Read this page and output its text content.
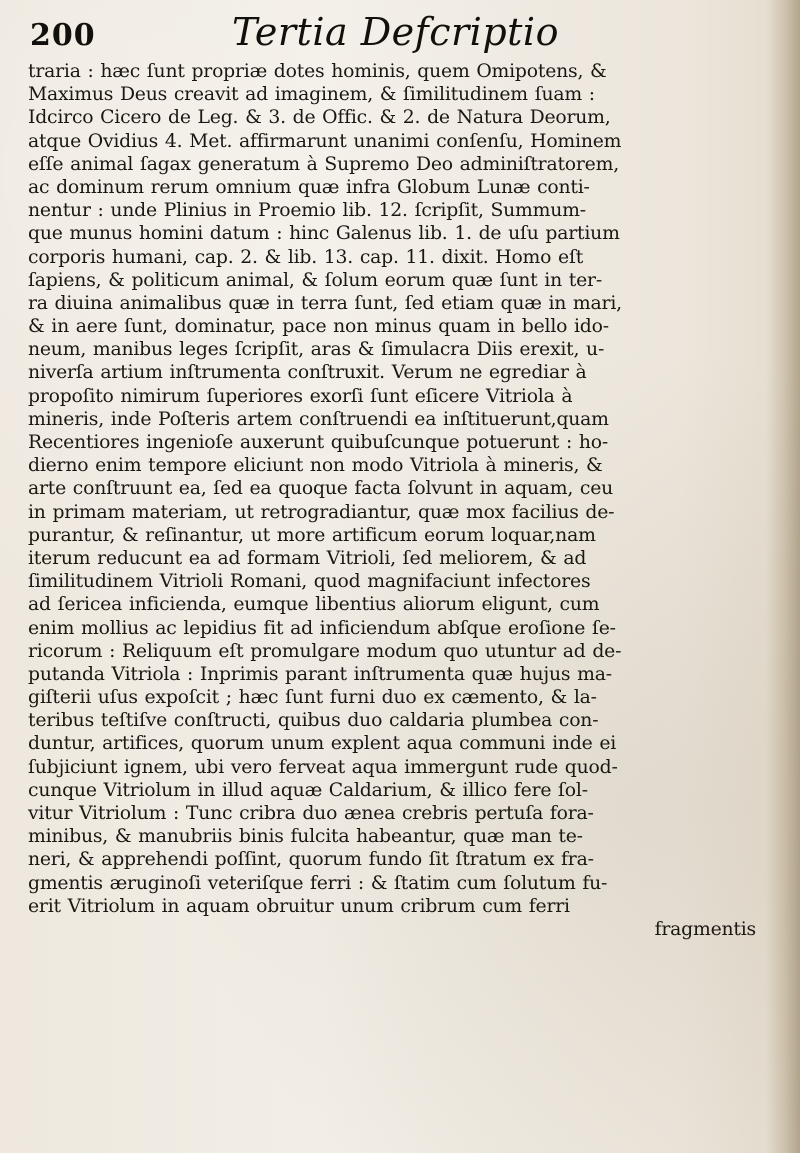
200	Tertia Defcriptio
traria : hæc ſunt propriæ dotes hominis, quem Omipotens, &
Maximus Deus creavit ad imaginem, & ſimilitudinem ſuam :
Idcirco Cicero de Leg. & 3. de Offic. & 2. de Natura Deorum,
atque Ovidius 4. Met. affirmarunt unanimi conſenſu, Hominem
eſſe animal ſagax generatum à Supremo Deo adminiſtratorem,
ac dominum rerum omnium quæ infra Globum Lunæ conti-
nentur : unde Plinius in Proemio lib. 12. ſcripſit, Summum-
que munus homini datum : hinc Galenus lib. 1. de uſu partium
corporis humani, cap. 2. & lib. 13. cap. 11. dixit. Homo eſt
ſapiens, & politicum animal, & ſolum eorum quæ ſunt in ter-
ra diuina animalibus quæ in terra ſunt, ſed etiam quæ in mari,
& in aere ſunt, dominatur, pace non minus quam in bello ido-
neum, manibus leges ſcripſit, aras & ſimulacra Diis erexit, u-
niverſa artium inſtrumenta conſtruxit. Verum ne egrediar à
propoſito nimirum ſuperiores exorſi ſunt eſicere Vitriola à
mineris, inde Poſteris artem conſtruendi ea inſtituerunt,quam
Recentiores ingenioſe auxerunt quibuſcunque potuerunt : ho-
dierno enim tempore eliciunt non modo Vitriola à mineris, &
arte conſtruunt ea, ſed ea quoque facta ſolvunt in aquam, ceu
in primam materiam, ut retrogradiantur, quæ mox facilius de-
purantur, & reſinantur, ut more artificum eorum loquar,nam
iterum reducunt ea ad formam Vitrioli, ſed meliorem, & ad
ſimilitudinem Vitrioli Romani, quod magnifaciunt infectores
ad ſericea inficienda, eumque libentius aliorum eligunt, cum
enim mollius ac lepidius fit ad inficiendum abſque eroſione ſe-
ricorum : Reliquum eſt promulgare modum quo utuntur ad de-
putanda Vitriola : Inprimis parant inſtrumenta quæ hujus ma-
giſterii uſus expoſcit ; hæc ſunt furni duo ex cæmento, & la-
teribus teſtiſve conſtructi, quibus duo caldaria plumbea con-
duntur, artifices, quorum unum explent aqua communi inde ei
ſubjiciunt ignem, ubi vero ferveat aqua immergunt rude quod-
cunque Vitriolum in illud aquæ Caldarium, & illico fere ſol-
vitur Vitriolum : Tunc cribra duo ænea crebris pertuſa fora-
minibus, & manubriis binis fulcita habeantur, quæ man te-
neri, & apprehendi poſſint, quorum fundo ſit ſtratum ex fra-
gmentis æruginoſi veteriſque ferri : & ſtatim cum ſolutum fu-
erit Vitriolum in aquam obruitur unum cribrum cum ferri
fragmentis
